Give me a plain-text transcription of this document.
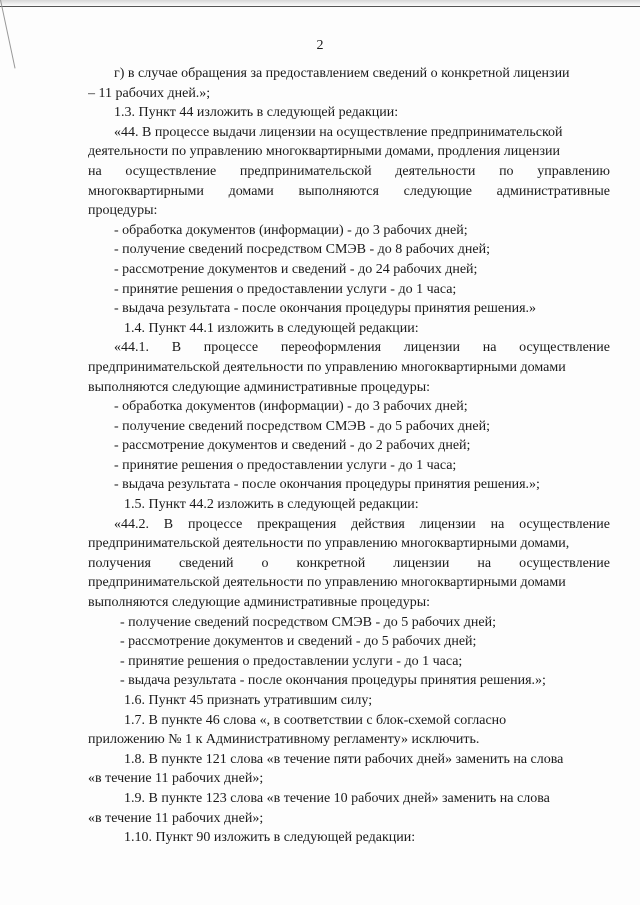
2
г) в случае обращения за предоставлением сведений о конкретной лицензии
– 11 рабочих дней.»;
1.3. Пункт 44 изложить в следующей редакции:
«44. В процессе выдачи лицензии на осуществление предпринимательской
деятельности по управлению многоквартирными домами, продления лицензии
на осуществление предпринимательской деятельности по управлению
многоквартирными домами выполняются следующие административные
процедуры:
- обработка документов (информации) - до 3 рабочих дней;
- получение сведений посредством СМЭВ - до 8 рабочих дней;
- рассмотрение документов и сведений - до 24 рабочих дней;
- принятие решения о предоставлении услуги - до 1 часа;
- выдача результата - после окончания процедуры принятия решения.»
1.4. Пункт 44.1 изложить в следующей редакции:
«44.1. В процессе переоформления лицензии на осуществление
предпринимательской деятельности по управлению многоквартирными домами
выполняются следующие административные процедуры:
- обработка документов (информации) - до 3 рабочих дней;
- получение сведений посредством СМЭВ - до 5 рабочих дней;
- рассмотрение документов и сведений - до 2 рабочих дней;
- принятие решения о предоставлении услуги - до 1 часа;
- выдача результата - после окончания процедуры принятия решения.»;
1.5. Пункт 44.2 изложить в следующей редакции:
«44.2. В процессе прекращения действия лицензии на осуществление
предпринимательской деятельности по управлению многоквартирными домами,
получения сведений о конкретной лицензии на осуществление
предпринимательской деятельности по управлению многоквартирными домами
выполняются следующие административные процедуры:
- получение сведений посредством СМЭВ - до 5 рабочих дней;
- рассмотрение документов и сведений - до 5 рабочих дней;
- принятие решения о предоставлении услуги - до 1 часа;
- выдача результата - после окончания процедуры принятия решения.»;
1.6. Пункт 45 признать утратившим силу;
1.7. В пункте 46 слова «, в соответствии с блок-схемой согласно
приложению № 1 к Административному регламенту» исключить.
1.8. В пункте 121 слова «в течение пяти рабочих дней» заменить на слова
«в течение 11 рабочих дней»;
1.9. В пункте 123 слова «в течение 10 рабочих дней» заменить на слова
«в течение 11 рабочих дней»;
1.10. Пункт 90 изложить в следующей редакции:
